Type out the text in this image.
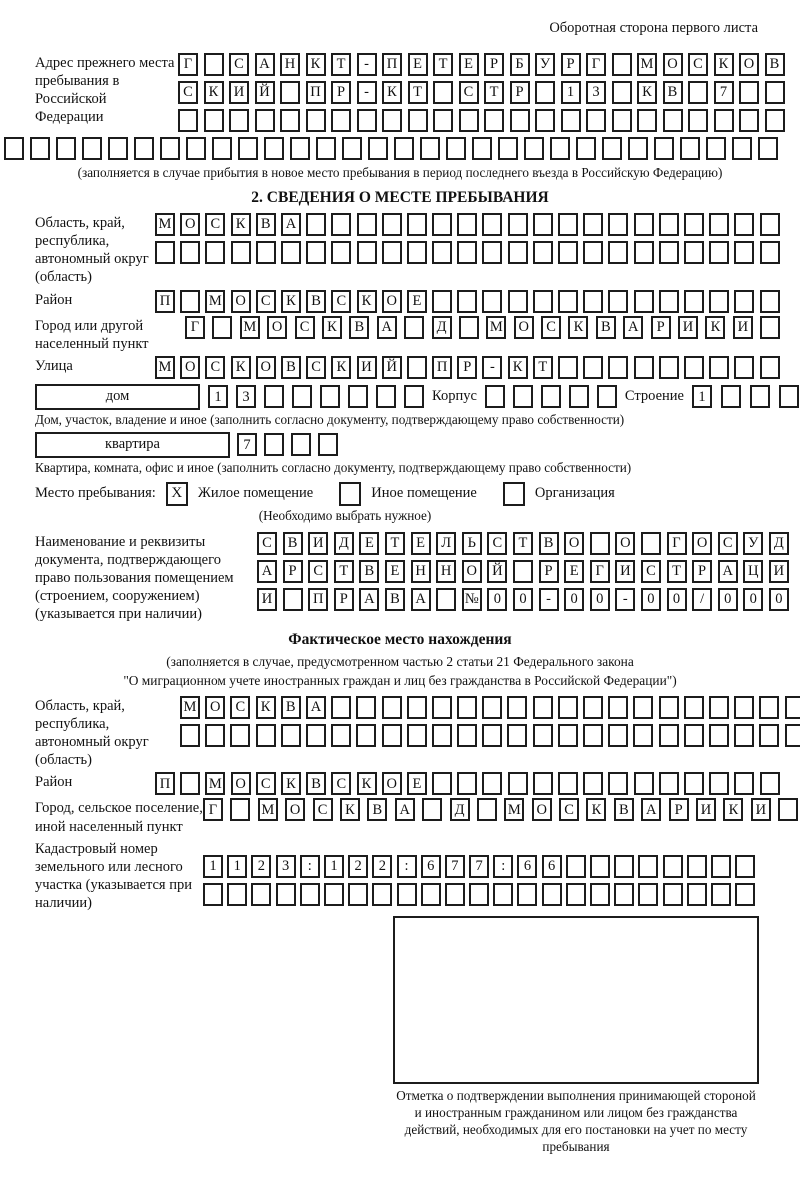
Оборотная сторона первого листа
Адрес прежнего места пребывания в Российской Федерации
Г	С	А	Н	К	Т	-	П	Е	Т	Е	Р	Б	У	Р	Г	М О	С	К	О	В
С	К	И	Й	П	Р	-	К	Т	С	Т	Р	1	3	К	В	7
(заполняется в случае прибытия в новое место пребывания в период последнего въезда в Российскую Федерацию)
2. СВЕДЕНИЯ О МЕСТЕ ПРЕБЫВАНИЯ
Область, край, республика, автономный округ (область)
М О	С	К	В	А
Район	П	М О	С	К	В	С	К	О	Е
Город или другой населенный пункт
Г	М	О	С	К	В	А	Д	М	О	С	К	В	А	Р	И	К	И
Улица	М О	С	К	О	В	С	К	И	Й	П	Р	-	К	Т
дом	1	3	Корпус	Строение 1
Дом, участок, владение и иное (заполнить согласно документу, подтверждающему право собственности)
квартира	7
Квартира, комната, офис и иное (заполнить согласно документу, подтверждающему право собственности)
Место пребывания:	X	Жилое помещение	Иное помещение	Организация
(Необходимо выбрать нужное)
Наименование и реквизиты документа, подтверждающего право пользования помещением (строением, сооружением) (указывается при наличии)
С	В	И	Д	Е	Т	Е	Л	Ь	С	Т	В	О	О	Г	О	С	У	Д
А	Р	С	Т	В	Е	Н	Н	О	Й	Р	Е	Г	И	С	Т	Р	А	Ц	И
И	П	Р	А	В	А	№	0	0	-	0	0	-	0	0	/	0	0	0
Фактическое место нахождения
(заполняется в случае, предусмотренном частью 2 статьи 21 Федерального закона
"О миграционном учете иностранных граждан и лиц без гражданства в Российской Федерации")
Область, край, республика, автономный округ (область)
М О	С	К	В	А
Район	П	М О	С	К	В	С	К	О	Е
Город, сельское поселение, иной населенный пункт
Г	М	О	С	К	В	А	Д	М	О	С	К	В	А	Р	И	К	И
Кадастровый номер земельного или лесного участка (указывается при наличии)
1	1	2	3	:	1	2	2	:	6	7	7	:	6	6
Отметка о подтверждении выполнения принимающей стороной и иностранным гражданином или лицом без гражданства действий, необходимых для его постановки на учет по месту пребывания
